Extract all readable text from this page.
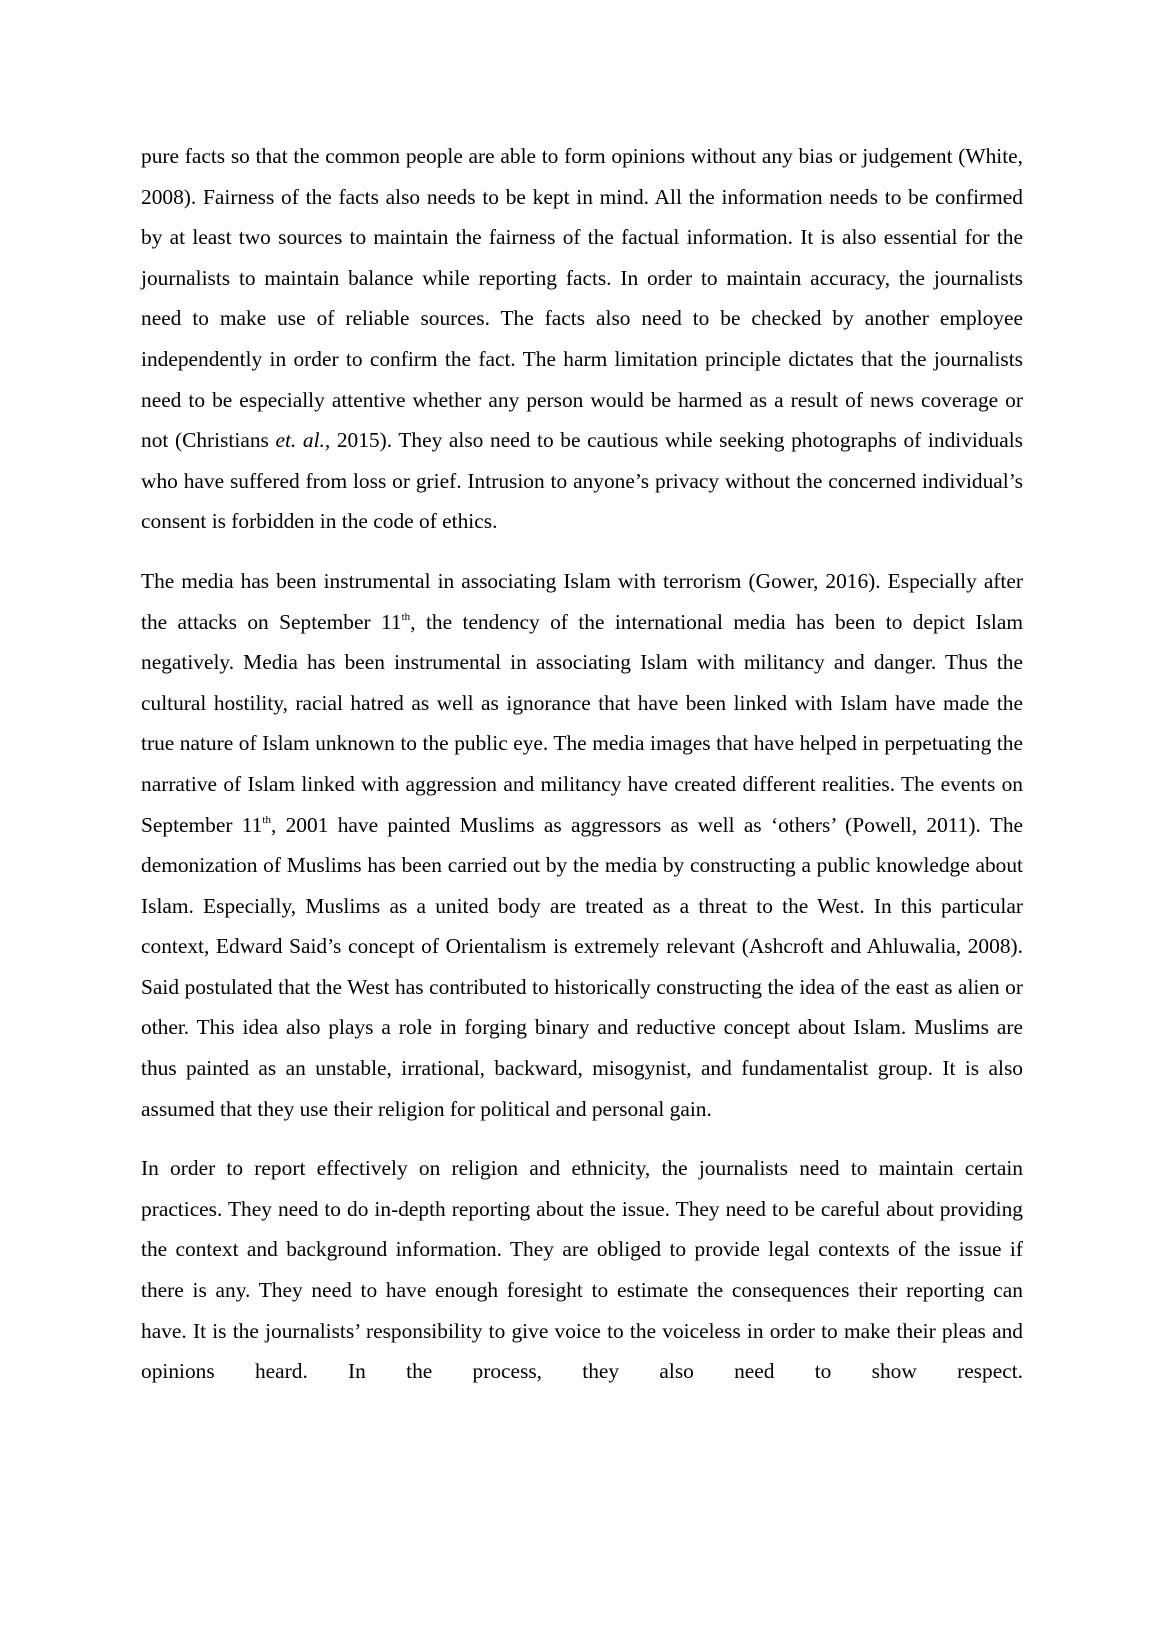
pure facts so that the common people are able to form opinions without any bias or judgement (White, 2008). Fairness of the facts also needs to be kept in mind. All the information needs to be confirmed by at least two sources to maintain the fairness of the factual information. It is also essential for the journalists to maintain balance while reporting facts. In order to maintain accuracy, the journalists need to make use of reliable sources. The facts also need to be checked by another employee independently in order to confirm the fact. The harm limitation principle dictates that the journalists need to be especially attentive whether any person would be harmed as a result of news coverage or not (Christians et. al., 2015). They also need to be cautious while seeking photographs of individuals who have suffered from loss or grief. Intrusion to anyone’s privacy without the concerned individual’s consent is forbidden in the code of ethics.

The media has been instrumental in associating Islam with terrorism (Gower, 2016). Especially after the attacks on September 11th, the tendency of the international media has been to depict Islam negatively. Media has been instrumental in associating Islam with militancy and danger. Thus the cultural hostility, racial hatred as well as ignorance that have been linked with Islam have made the true nature of Islam unknown to the public eye. The media images that have helped in perpetuating the narrative of Islam linked with aggression and militancy have created different realities. The events on September 11th, 2001 have painted Muslims as aggressors as well as ‘others’ (Powell, 2011). The demonization of Muslims has been carried out by the media by constructing a public knowledge about Islam. Especially, Muslims as a united body are treated as a threat to the West. In this particular context, Edward Said’s concept of Orientalism is extremely relevant (Ashcroft and Ahluwalia, 2008). Said postulated that the West has contributed to historically constructing the idea of the east as alien or other. This idea also plays a role in forging binary and reductive concept about Islam. Muslims are thus painted as an unstable, irrational, backward, misogynist, and fundamentalist group. It is also assumed that they use their religion for political and personal gain.

In order to report effectively on religion and ethnicity, the journalists need to maintain certain practices. They need to do in-depth reporting about the issue. They need to be careful about providing the context and background information. They are obliged to provide legal contexts of the issue if there is any. They need to have enough foresight to estimate the consequences their reporting can have. It is the journalists’ responsibility to give voice to the voiceless in order to make their pleas and opinions heard. In the process, they also need to show respect.
